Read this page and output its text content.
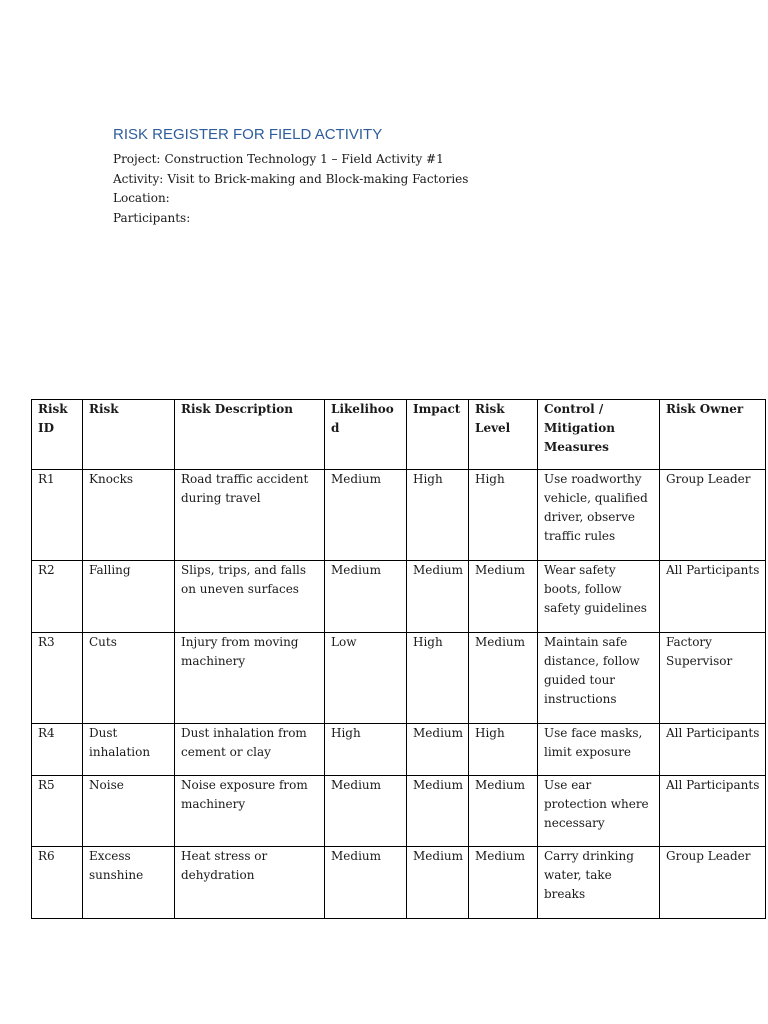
RISK REGISTER FOR FIELD ACTIVITY

Project: Construction Technology 1 – Field Activity #1

Activity: Visit to Brick-making and Block-making Factories

Location:

Participants:

Risk ID	Risk	Risk Description	Likelihood	Impact	Risk Level	Control / Mitigation Measures	Risk Owner
R1	Knocks	Road traffic accident during travel	Medium	High	High	Use roadworthy vehicle, qualified driver, observe traffic rules	Group Leader
R2	Falling	Slips, trips, and falls on uneven surfaces	Medium	Medium	Medium	Wear safety boots, follow safety guidelines	All Participants
R3	Cuts	Injury from moving machinery	Low	High	Medium	Maintain safe distance, follow guided tour instructions	Factory Supervisor
R4	Dust inhalation	Dust inhalation from cement or clay	High	Medium	High	Use face masks, limit exposure	All Participants
R5	Noise	Noise exposure from machinery	Medium	Medium	Medium	Use ear protection where necessary	All Participants
R6	Excess sunshine	Heat stress or dehydration	Medium	Medium	Medium	Carry drinking water, take breaks	Group Leader
